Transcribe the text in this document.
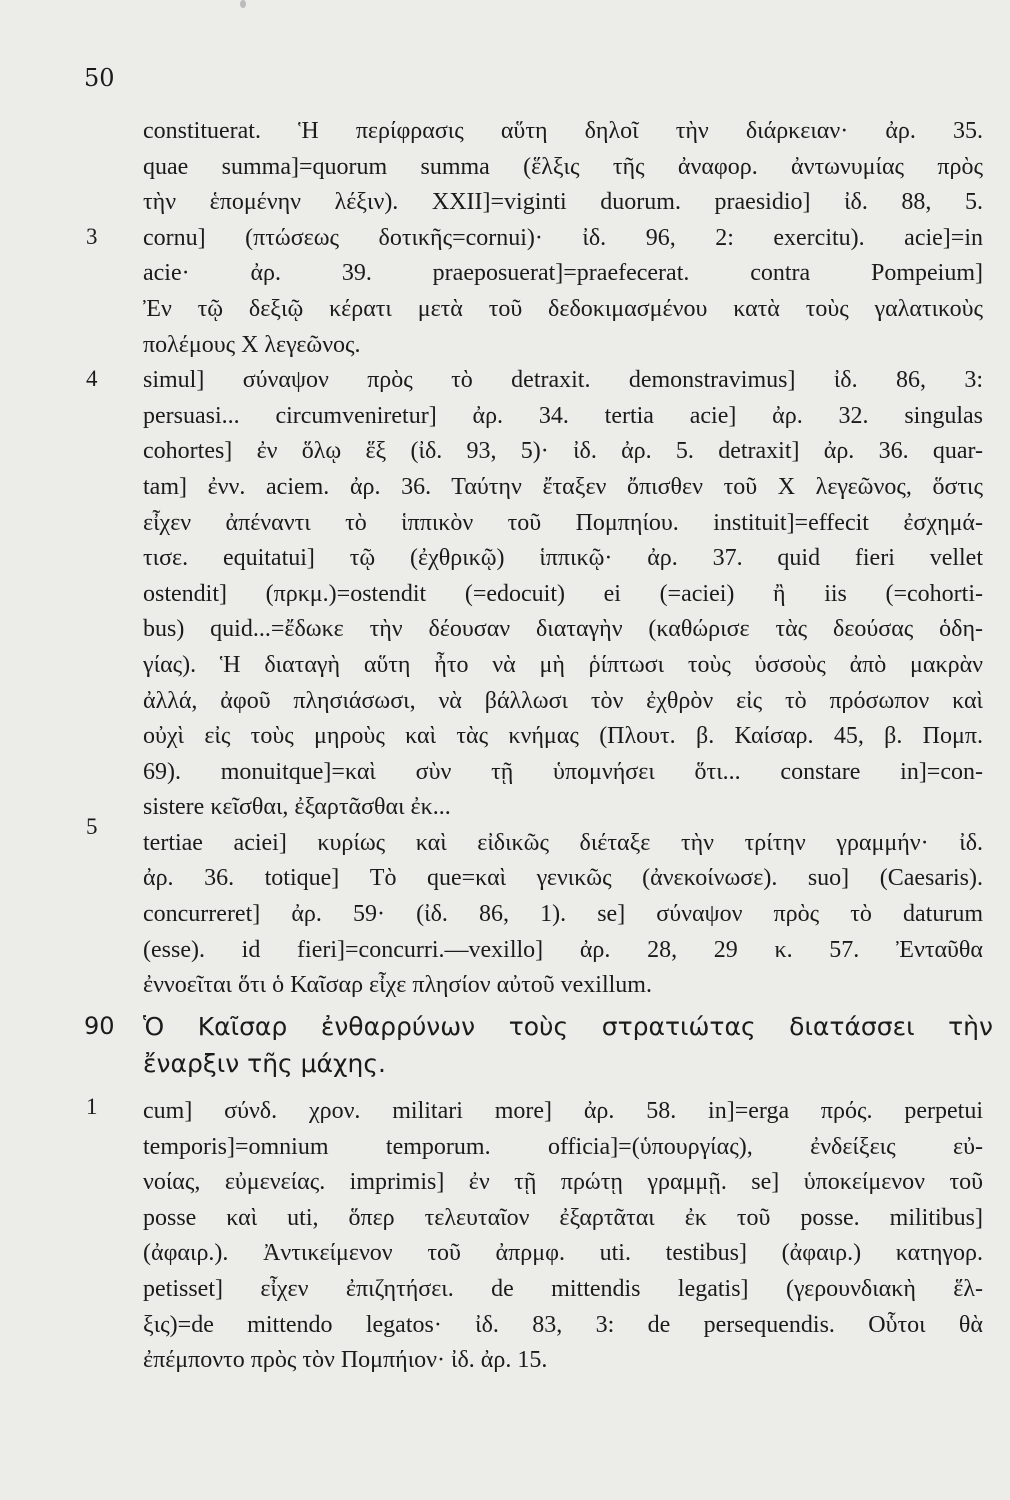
50
3
4
5
1
constituerat. Ἡ περίφρασις αὕτη δηλοῖ τὴν διάρκειαν· ἀρ. 35.
quae summa]=quorum summa (ἕλξις τῆς ἀναφορ. ἀντωνυμίας πρὸς
τὴν ἑπομένην λέξιν). XXII]=viginti duorum. praesidio] ἰδ. 88, 5.
cornu] (πτώσεως δοτικῆς=cornui)· ἰδ. 96, 2: exercitu). acie]=in
acie· ἀρ. 39. praeposuerat]=praefecerat. contra Pompeium]
Ἐν τῷ δεξιῷ κέρατι μετὰ τοῦ δεδοκιμασμένου κατὰ τοὺς γαλατικοὺς
πολέμους X λεγεῶνος.
simul] σύναψον πρὸς τὸ detraxit. demonstravimus] ἰδ. 86, 3:
persuasi... circumveniretur] ἀρ. 34. tertia acie] ἀρ. 32. singulas
cohortes] ἐν ὅλῳ ἕξ (ἰδ. 93, 5)· ἰδ. ἀρ. 5. detraxit] ἀρ. 36. quar-
tam] ἐνν. aciem. ἀρ. 36. Ταύτην ἔταξεν ὄπισθεν τοῦ X λεγεῶνος, ὅστις
εἶχεν ἀπέναντι τὸ ἱππικὸν τοῦ Πομπηίου. instituit]=effecit ἐσχημά-
τισε. equitatui] τῷ (ἐχθρικῷ) ἱππικῷ· ἀρ. 37. quid fieri vellet
ostendit] (πρκμ.)=ostendit (=edocuit) ei (=aciei) ἢ iis (=cohorti-
bus) quid...=ἔδωκε τὴν δέουσαν διαταγὴν (καθώρισε τὰς δεούσας ὁδη-
γίας). Ἡ διαταγὴ αὕτη ἦτο νὰ μὴ ῥίπτωσι τοὺς ὑσσοὺς ἀπὸ μακρὰν
ἀλλά, ἀφοῦ πλησιάσωσι, νὰ βάλλωσι τὸν ἐχθρὸν εἰς τὸ πρόσωπον καὶ
οὐχὶ εἰς τοὺς μηροὺς καὶ τὰς κνήμας (Πλουτ. β. Καίσαρ. 45, β. Πομπ.
69). monuitque]=καὶ σὺν τῇ ὑπομνήσει ὅτι... constare in]=con-
sistere κεῖσθαι, ἐξαρτᾶσθαι ἐκ...
tertiae aciei] κυρίως καὶ εἰδικῶς διέταξε τὴν τρίτην γραμμήν· ἰδ.
ἀρ. 36. totique] Τὸ que=καὶ γενικῶς (ἀνεκοίνωσε). suo] (Caesaris).
concurreret] ἀρ. 59· (ἰδ. 86, 1). se] σύναψον πρὸς τὸ daturum
(esse). id fieri]=concurri.—vexillo] ἀρ. 28, 29 κ. 57. Ἐνταῦθα
ἐννοεῖται ὅτι ὁ Καῖσαρ εἶχε πλησίον αὐτοῦ vexillum.
90 Ὁ Καῖσαρ ἐνθαρρύνων τοὺς στρατιώτας διατάσσει τὴν
ἔναρξιν τῆς μάχης.
cum] σύνδ. χρον. militari more] ἀρ. 58. in]=erga πρός. perpetui
temporis]=omnium temporum. officia]=(ὑπουργίας), ἐνδείξεις εὐ-
νοίας, εὐμενείας. imprimis] ἐν τῇ πρώτῃ γραμμῇ. se] ὑποκείμενον τοῦ
posse καὶ uti, ὅπερ τελευταῖον ἐξαρτᾶται ἐκ τοῦ posse. militibus]
(ἀφαιρ.). Ἀντικείμενον τοῦ ἀπρμφ. uti. testibus] (ἀφαιρ.) κατηγορ.
petisset] εἶχεν ἐπιζητήσει. de mittendis legatis] (γερουνδιακὴ ἕλ-
ξις)=de mittendo legatos· ἰδ. 83, 3: de persequendis. Οὗτοι θὰ
ἐπέμποντο πρὸς τὸν Πομπήιον· ἰδ. ἀρ. 15.
